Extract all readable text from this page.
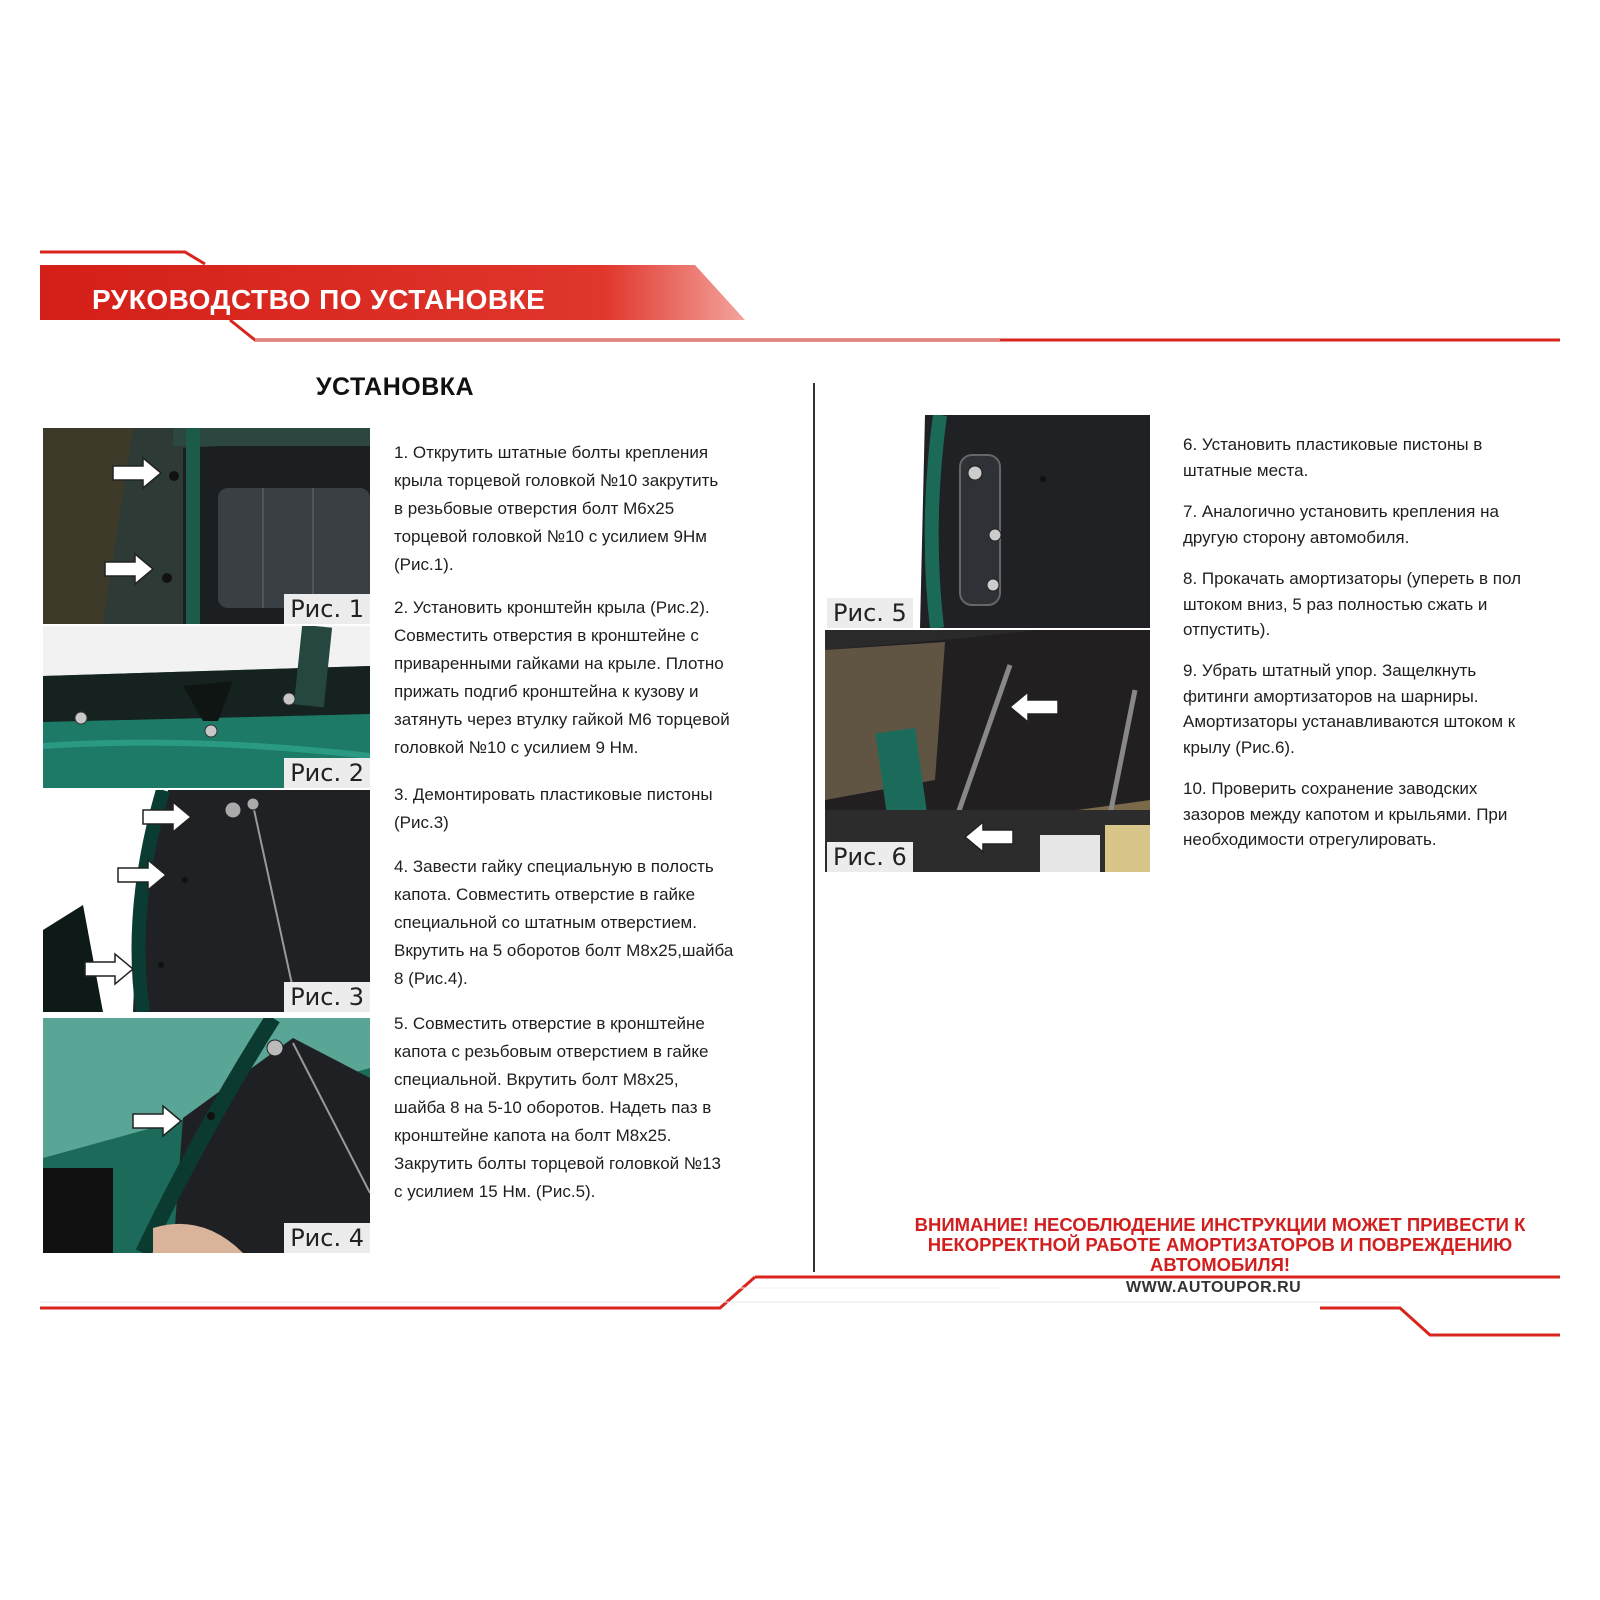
РУКОВОДСТВО ПО УСТАНОВКЕ
УСТАНОВКА
Рис. 1
Рис. 2
Рис. 3
Рис. 4
1. Открутить штатные болты крепления
крыла торцевой головкой №10 закрутить
в резьбовые отверстия болт М6х25
торцевой головкой №10 с усилием 9Нм
(Рис.1).
2. Установить кронштейн крыла (Рис.2).
Совместить отверстия в кронштейне с
приваренными гайками на крыле. Плотно
прижать подгиб кронштейна к кузову и
затянуть через втулку гайкой М6 торцевой
головкой №10 с усилием 9 Нм.
3. Демонтировать пластиковые пистоны
(Рис.3)
4. Завести гайку специальную в полость
капота. Совместить отверстие в гайке
специальной со штатным отверстием.
Вкрутить на 5 оборотов болт М8х25,шайба
8 (Рис.4).
5. Совместить отверстие в кронштейне
капота с резьбовым отверстием в гайке
специальной. Вкрутить болт М8х25,
шайба 8 на 5-10 оборотов. Надеть паз в
кронштейне капота на болт М8х25.
Закрутить болты торцевой головкой №13
с усилием 15 Нм. (Рис.5).
Рис. 5
Рис. 6
6. Установить пластиковые пистоны в
штатные места.
7. Аналогично установить крепления на
другую сторону автомобиля.
8. Прокачать амортизаторы (упереть в пол
штоком вниз, 5 раз полностью сжать и
отпустить).
9. Убрать штатный упор. Защелкнуть
фитинги амортизаторов на шарниры.
Амортизаторы устанавливаются штоком к
крылу (Рис.6).
10. Проверить сохранение заводских
зазоров между капотом и крыльями. При
необходимости отрегулировать.
ВНИМАНИЕ! НЕСОБЛЮДЕНИЕ ИНСТРУКЦИИ МОЖЕТ ПРИВЕСТИ К
НЕКОРРЕКТНОЙ РАБОТЕ АМОРТИЗАТОРОВ И ПОВРЕЖДЕНИЮ
АВТОМОБИЛЯ!
WWW.AUTOUPOR.RU
